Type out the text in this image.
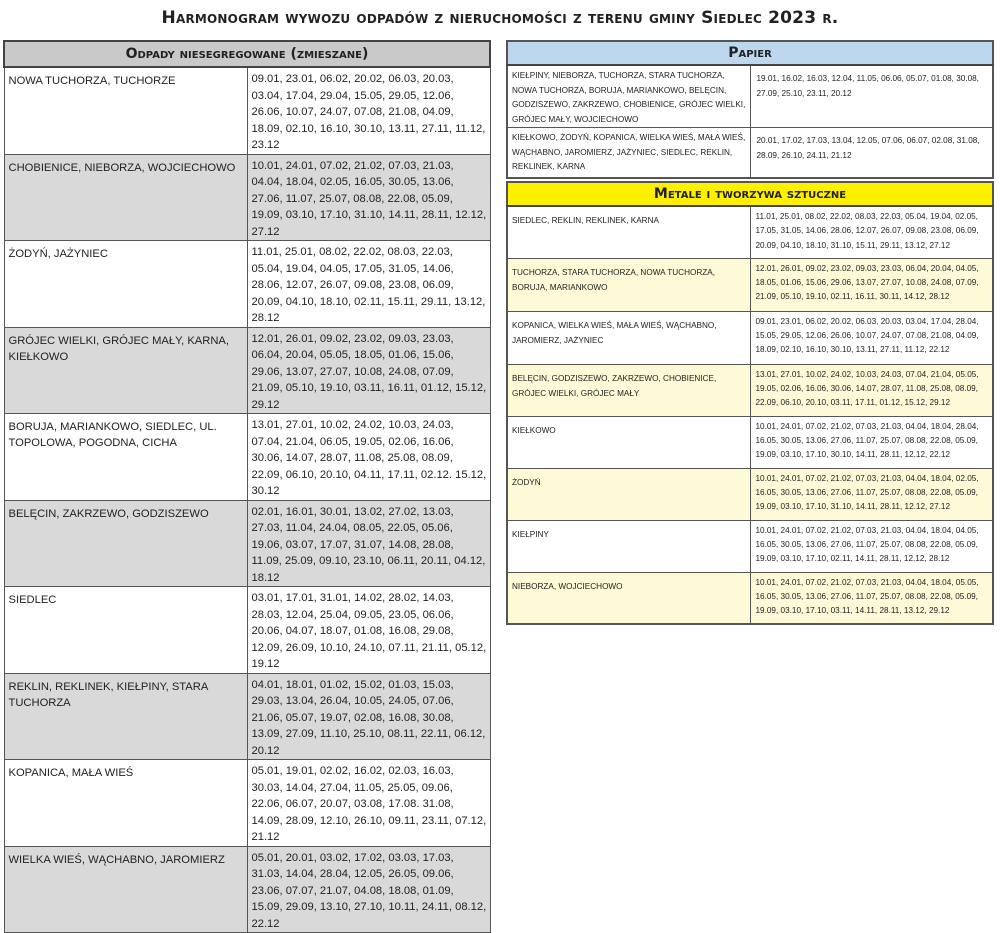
Harmonogram wywozu odpadów z nieruchomości z terenu gminy Siedlec 2023 r.
Odpady niesegregowane (zmieszane)	
NOWA TUCHORZA, TUCHORZE	09.01, 23.01, 06.02, 20.02, 06.03, 20.03, 03.04, 17.04, 29.04, 15.05, 29.05, 12.06, 26.06, 10.07, 24.07, 07.08, 21.08, 04.09, 18.09, 02.10, 16.10, 30.10, 13.11, 27.11, 11.12, 23.12
CHOBIENICE, NIEBORZA, WOJCIECHOWO	10.01, 24.01, 07.02, 21.02, 07.03, 21.03, 04.04, 18.04, 02.05, 16.05, 30.05, 13.06, 27.06, 11.07, 25.07, 08.08, 22.08, 05.09, 19.09, 03.10, 17.10, 31.10, 14.11, 28.11, 12.12, 27.12
ŻODYŃ, JAŻYNIEC	11.01, 25.01, 08.02, 22.02, 08.03, 22.03, 05.04, 19.04, 04.05, 17.05, 31.05, 14.06, 28.06, 12.07, 26.07, 09.08, 23.08, 06.09, 20.09, 04.10, 18.10, 02.11, 15.11, 29.11, 13.12, 28.12
GRÓJEC WIELKI, GRÓJEC MAŁY, KARNA, KIEŁKOWO	12.01, 26.01, 09.02, 23.02, 09.03, 23.03, 06.04, 20.04, 05.05, 18.05, 01.06, 15.06, 29.06, 13.07, 27.07, 10.08, 24.08, 07.09, 21.09, 05.10, 19.10, 03.11, 16.11, 01.12, 15.12, 29.12
BORUJA, MARIANKOWO, SIEDLEC, UL. TOPOLOWA, POGODNA, CICHA	13.01, 27.01, 10.02, 24.02, 10.03, 24.03, 07.04, 21.04, 06.05, 19.05, 02.06, 16.06, 30.06, 14.07, 28.07, 11.08, 25.08, 08.09, 22.09, 06.10, 20.10, 04.11, 17.11, 02.12. 15.12, 30.12
BELĘCIN, ZAKRZEWO, GODZISZEWO	02.01, 16.01, 30.01, 13.02, 27.02, 13.03, 27.03, 11.04, 24.04, 08.05, 22.05, 05.06, 19.06, 03.07, 17.07, 31.07, 14.08, 28.08, 11.09, 25.09, 09.10, 23.10, 06.11, 20.11, 04.12, 18.12
SIEDLEC	03.01, 17.01, 31.01, 14.02, 28.02, 14.03, 28.03, 12.04, 25.04, 09.05, 23.05, 06.06, 20.06, 04.07, 18.07, 01.08, 16.08, 29.08, 12.09, 26.09, 10.10, 24.10, 07.11, 21.11, 05.12, 19.12
REKLIN, REKLINEK, KIEŁPINY, STARA TUCHORZA	04.01, 18.01, 01.02, 15.02, 01.03, 15.03, 29.03, 13.04, 26.04, 10.05, 24.05, 07.06, 21.06, 05.07, 19.07, 02.08, 16.08, 30.08, 13.09, 27.09, 11.10, 25.10, 08.11, 22.11, 06.12, 20.12
KOPANICA, MAŁA WIEŚ	05.01, 19.01, 02.02, 16.02, 02.03, 16.03, 30.03, 14.04, 27.04, 11.05, 25.05, 09.06, 22.06, 06.07, 20.07, 03.08, 17.08. 31.08, 14.09, 28.09, 12.10, 26.10, 09.11, 23.11, 07.12, 21.12
WIELKA WIEŚ, WĄCHABNO, JAROMIERZ	05.01, 20.01, 03.02, 17.02, 03.03, 17.03, 31.03, 14.04, 28.04, 12.05, 26.05, 09.06, 23.06, 07.07, 21.07, 04.08, 18.08, 01.09, 15.09, 29.09, 13.10, 27.10, 10.11, 24.11, 08.12, 22.12
Papier	
KIEŁPINY, NIEBORZA, TUCHORZA, STARA TUCHORZA, NOWA TUCHORZA, BORUJA, MARIANKOWO, BELĘCIN, GODZISZEWO, ZAKRZEWO, CHOBIENICE, GRÓJEC WIELKI, GRÓJEC MAŁY, WOJCIECHOWO	19.01, 16.02, 16.03, 12.04, 11.05, 06.06, 05.07, 01.08, 30.08, 27.09, 25.10, 23.11, 20.12
KIEŁKOWO, ŻODYŃ, KOPANICA, WIELKA WIEŚ, MAŁA WIEŚ, WĄCHABNO, JAROMIERZ, JAŻYNIEC, SIEDLEC, REKLIN, REKLINEK, KARNA	20.01, 17.02, 17.03, 13.04, 12.05, 07.06, 06.07, 02.08, 31.08, 28.09, 26.10, 24.11, 21.12
Metale i tworzywa sztuczne	
SIEDLEC, REKLIN, REKLINEK, KARNA	11.01, 25.01, 08.02, 22.02, 08.03, 22.03, 05.04, 19.04, 02.05, 17.05, 31.05, 14.06, 28.06, 12.07, 26.07, 09.08, 23.08, 06.09, 20.09, 04.10, 18.10, 31.10, 15.11, 29.11, 13.12, 27.12
TUCHORZA, STARA TUCHORZA, NOWA TUCHORZA, BORUJA, MARIANKOWO	12.01, 26.01, 09.02, 23.02, 09.03, 23.03, 06.04, 20.04, 04.05, 18.05, 01.06, 15.06, 29.06, 13.07, 27.07, 10.08, 24.08, 07.09, 21.09, 05.10, 19.10, 02.11, 16.11, 30.11, 14.12, 28.12
KOPANICA, WIELKA WIEŚ, MAŁA WIEŚ, WĄCHABNO, JAROMIERZ, JAŻYNIEC	09.01, 23.01, 06.02, 20.02, 06.03, 20.03, 03.04, 17.04, 28.04, 15.05, 29.05, 12.06, 26.06, 10.07, 24.07, 07.08, 21.08, 04.09, 18.09, 02.10, 16.10, 30.10, 13.11, 27.11, 11.12, 22.12
BELĘCIN, GODZISZEWO, ZAKRZEWO, CHOBIENICE, GRÓJEC WIELKI, GRÓJEC MAŁY	13.01, 27.01, 10.02, 24.02, 10.03, 24.03, 07.04, 21.04, 05.05, 19.05, 02.06, 16.06, 30.06, 14.07, 28.07, 11.08, 25.08, 08.09, 22.09, 06.10, 20.10, 03.11, 17.11, 01.12, 15.12, 29.12
KIEŁKOWO	10.01, 24.01, 07.02, 21.02, 07.03, 21.03, 04.04, 18.04, 28.04, 16.05, 30.05, 13.06, 27.06, 11.07, 25.07, 08.08, 22.08, 05.09, 19.09, 03.10, 17.10, 30.10, 14.11, 28.11, 12.12, 22.12
ŻODYŃ	10.01, 24.01, 07.02, 21.02, 07.03, 21.03, 04.04, 18.04, 02.05, 16.05, 30.05, 13.06, 27.06, 11.07, 25.07, 08.08, 22.08, 05.09, 19.09, 03.10, 17.10, 31.10, 14.11, 28.11, 12.12, 27.12
KIEŁPINY	10.01, 24.01, 07.02, 21.02, 07.03, 21.03, 04.04, 18.04, 04.05, 16.05, 30.05, 13.06, 27.06, 11.07, 25.07, 08.08, 22.08, 05.09, 19.09, 03.10, 17.10, 02.11, 14.11, 28.11, 12.12, 28.12
NIEBORZA, WOJCIECHOWO	10.01, 24.01, 07.02, 21.02, 07.03, 21.03, 04.04, 18.04, 05.05, 16.05, 30.05, 13.06, 27.06, 11.07, 25.07, 08.08, 22.08, 05.09, 19.09, 03.10, 17.10, 03.11, 14.11, 28.11, 13.12, 29.12
